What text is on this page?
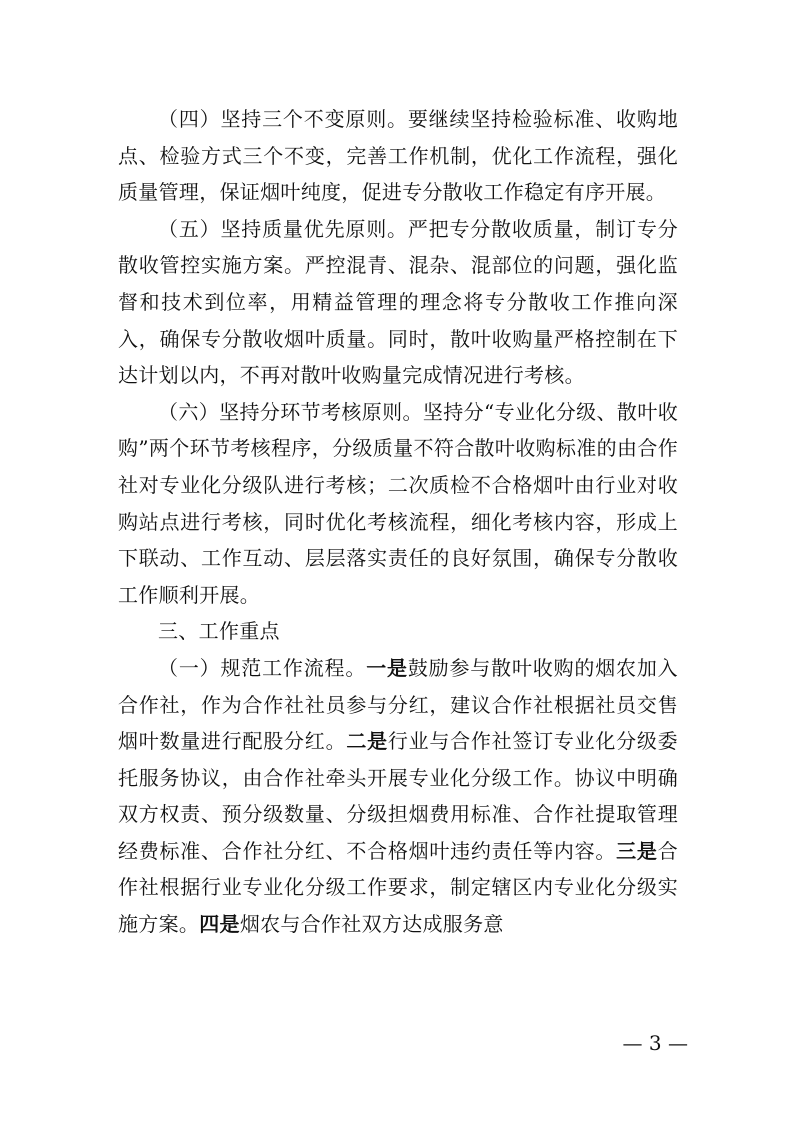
（四）坚持三个不变原则。要继续坚持检验标准、收购地点、检验方式三个不变，完善工作机制，优化工作流程，强化质量管理，保证烟叶纯度，促进专分散收工作稳定有序开展。

（五）坚持质量优先原则。严把专分散收质量，制订专分散收管控实施方案。严控混青、混杂、混部位的问题，强化监督和技术到位率，用精益管理的理念将专分散收工作推向深入，确保专分散收烟叶质量。同时，散叶收购量严格控制在下达计划以内，不再对散叶收购量完成情况进行考核。

（六）坚持分环节考核原则。坚持分“专业化分级、散叶收购”两个环节考核程序，分级质量不符合散叶收购标准的由合作社对专业化分级队进行考核；二次质检不合格烟叶由行业对收购站点进行考核，同时优化考核流程，细化考核内容，形成上下联动、工作互动、层层落实责任的良好氛围，确保专分散收工作顺利开展。

三、工作重点

（一）规范工作流程。一是鼓励参与散叶收购的烟农加入合作社，作为合作社社员参与分红，建议合作社根据社员交售烟叶数量进行配股分红。二是行业与合作社签订专业化分级委托服务协议，由合作社牵头开展专业化分级工作。协议中明确双方权责、预分级数量、分级担烟费用标准、合作社提取管理经费标准、合作社分红、不合格烟叶违约责任等内容。三是合作社根据行业专业化分级工作要求，制定辖区内专业化分级实施方案。四是烟农与合作社双方达成服务意

— 3 —
